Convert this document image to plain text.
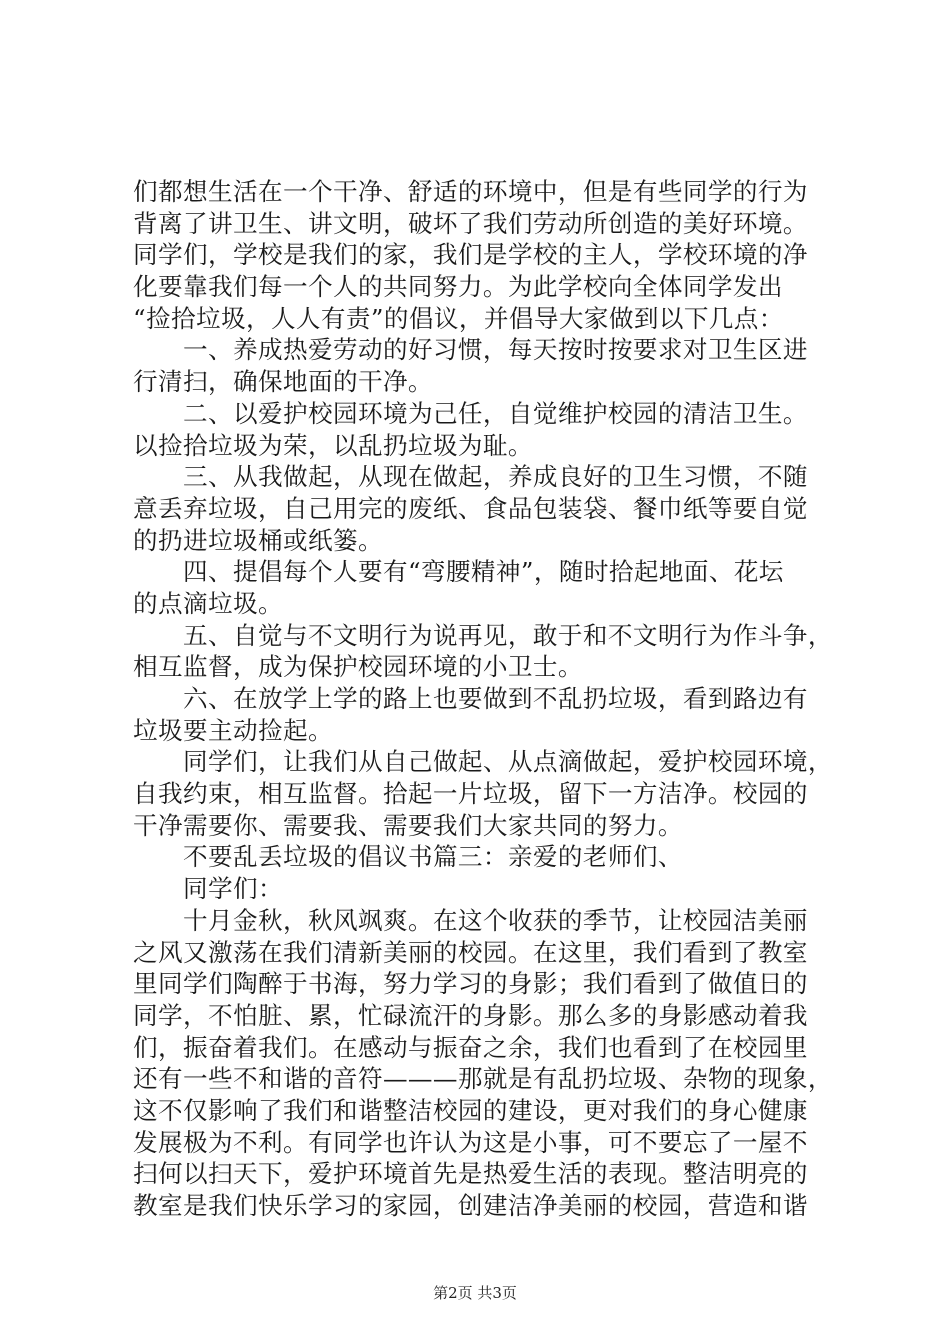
们都想生活在一个干净、舒适的环境中，但是有些同学的行为
背离了讲卫生、讲文明，破坏了我们劳动所创造的美好环境。
同学们，学校是我们的家，我们是学校的主人，学校环境的净
化要靠我们每一个人的共同努力。为此学校向全体同学发出
“捡拾垃圾，人人有责”的倡议，并倡导大家做到以下几点：
一、养成热爱劳动的好习惯，每天按时按要求对卫生区进
行清扫，确保地面的干净。
二、以爱护校园环境为己任，自觉维护校园的清洁卫生。
以捡拾垃圾为荣，以乱扔垃圾为耻。
三、从我做起，从现在做起，养成良好的卫生习惯，不随
意丢弃垃圾，自己用完的废纸、食品包装袋、餐巾纸等要自觉
的扔进垃圾桶或纸篓。
四、提倡每个人要有“弯腰精神”，随时拾起地面、花坛
的点滴垃圾。
五、自觉与不文明行为说再见，敢于和不文明行为作斗争，
相互监督，成为保护校园环境的小卫士。
六、在放学上学的路上也要做到不乱扔垃圾，看到路边有
垃圾要主动捡起。
同学们，让我们从自己做起、从点滴做起，爱护校园环境，
自我约束，相互监督。拾起一片垃圾，留下一方洁净。校园的
干净需要你、需要我、需要我们大家共同的努力。
不要乱丢垃圾的倡议书篇三：亲爱的老师们、
同学们：
十月金秋，秋风飒爽。在这个收获的季节，让校园洁美丽
之风又激荡在我们清新美丽的校园。在这里，我们看到了教室
里同学们陶醉于书海，努力学习的身影；我们看到了做值日的
同学，不怕脏、累，忙碌流汗的身影。那么多的身影感动着我
们，振奋着我们。在感动与振奋之余，我们也看到了在校园里
还有一些不和谐的音符———那就是有乱扔垃圾、杂物的现象，
这不仅影响了我们和谐整洁校园的建设，更对我们的身心健康
发展极为不利。有同学也许认为这是小事，可不要忘了一屋不
扫何以扫天下，爱护环境首先是热爱生活的表现。整洁明亮的
教室是我们快乐学习的家园，创建洁净美丽的校园，营造和谐
第2页 共3页
